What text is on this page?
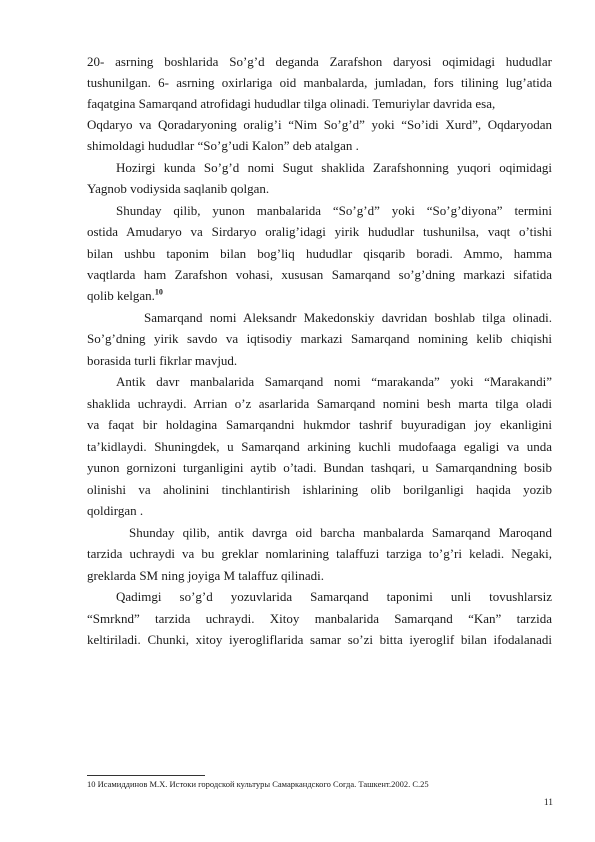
20- asrning boshlarida So’g’d deganda Zarafshon daryosi oqimidagi hududlar
tushunilgan. 6- asrning oxirlariga oid manbalarda, jumladan, fors tilining lug’atida
faqatgina Samarqand atrofidagi hududlar tilga olinadi. Temuriylar davrida esa,
Oqdaryo va Qoradaryoning oralig’i “Nim So’g’d” yoki “So’idi Xurd”, Oqdaryodan
shimoldagi hududlar “So’g’udi Kalon” deb atalgan .
Hozirgi kunda So’g’d nomi Sugut shaklida Zarafshonning yuqori oqimidagi
Yagnob vodiysida saqlanib qolgan.
Shunday qilib, yunon manbalarida “So’g’d” yoki “So’g’diyona” termini
ostida Amudaryo va Sirdaryo oralig’idagi yirik hududlar tushunilsa, vaqt o’tishi
bilan ushbu taponim bilan bog’liq hududlar qisqarib boradi. Ammo, hamma
vaqtlarda ham Zarafshon vohasi, xususan Samarqand so’g’dning markazi sifatida
qolib kelgan.$^{10}$
Samarqand nomi Aleksandr Makedonskiy davridan boshlab tilga olinadi.
So’g’dning yirik savdo va iqtisodiy markazi Samarqand nomining kelib chiqishi
borasida turli fikrlar mavjud.
Antik davr manbalarida Samarqand nomi “marakanda” yoki “Marakandi”
shaklida uchraydi. Arrian o’z asarlarida Samarqand nomini besh marta tilga oladi
va faqat bir holdagina Samarqandni hukmdor tashrif buyuradigan joy ekanligini
ta’kidlaydi. Shuningdek, u Samarqand arkining kuchli mudofaaga egaligi va unda
yunon gornizoni turganligini aytib o’tadi. Bundan tashqari, u Samarqandning bosib
olinishi va aholinini tinchlantirish ishlarining olib borilganligi haqida yozib
qoldirgan .
Shunday qilib, antik davrga oid barcha manbalarda Samarqand Maroqand
tarzida uchraydi va bu greklar nomlarining talaffuzi tarziga to’g’ri keladi. Negaki,
greklarda SM ning joyiga M talaffuz qilinadi.
Qadimgi so’g’d yozuvlarida Samarqand taponimi unli tovushlarsiz
“Smrknd” tarzida uchraydi. Xitoy manbalarida Samarqand “Kan” tarzida
keltiriladi. Chunki, xitoy iyerogliflarida samar so’zi bitta iyeroglif bilan ifodalanadi
10 Исамиддинов М.Х. Истоки городской культуры Самаркандского Согда. Ташкент.2002. С.25
11
